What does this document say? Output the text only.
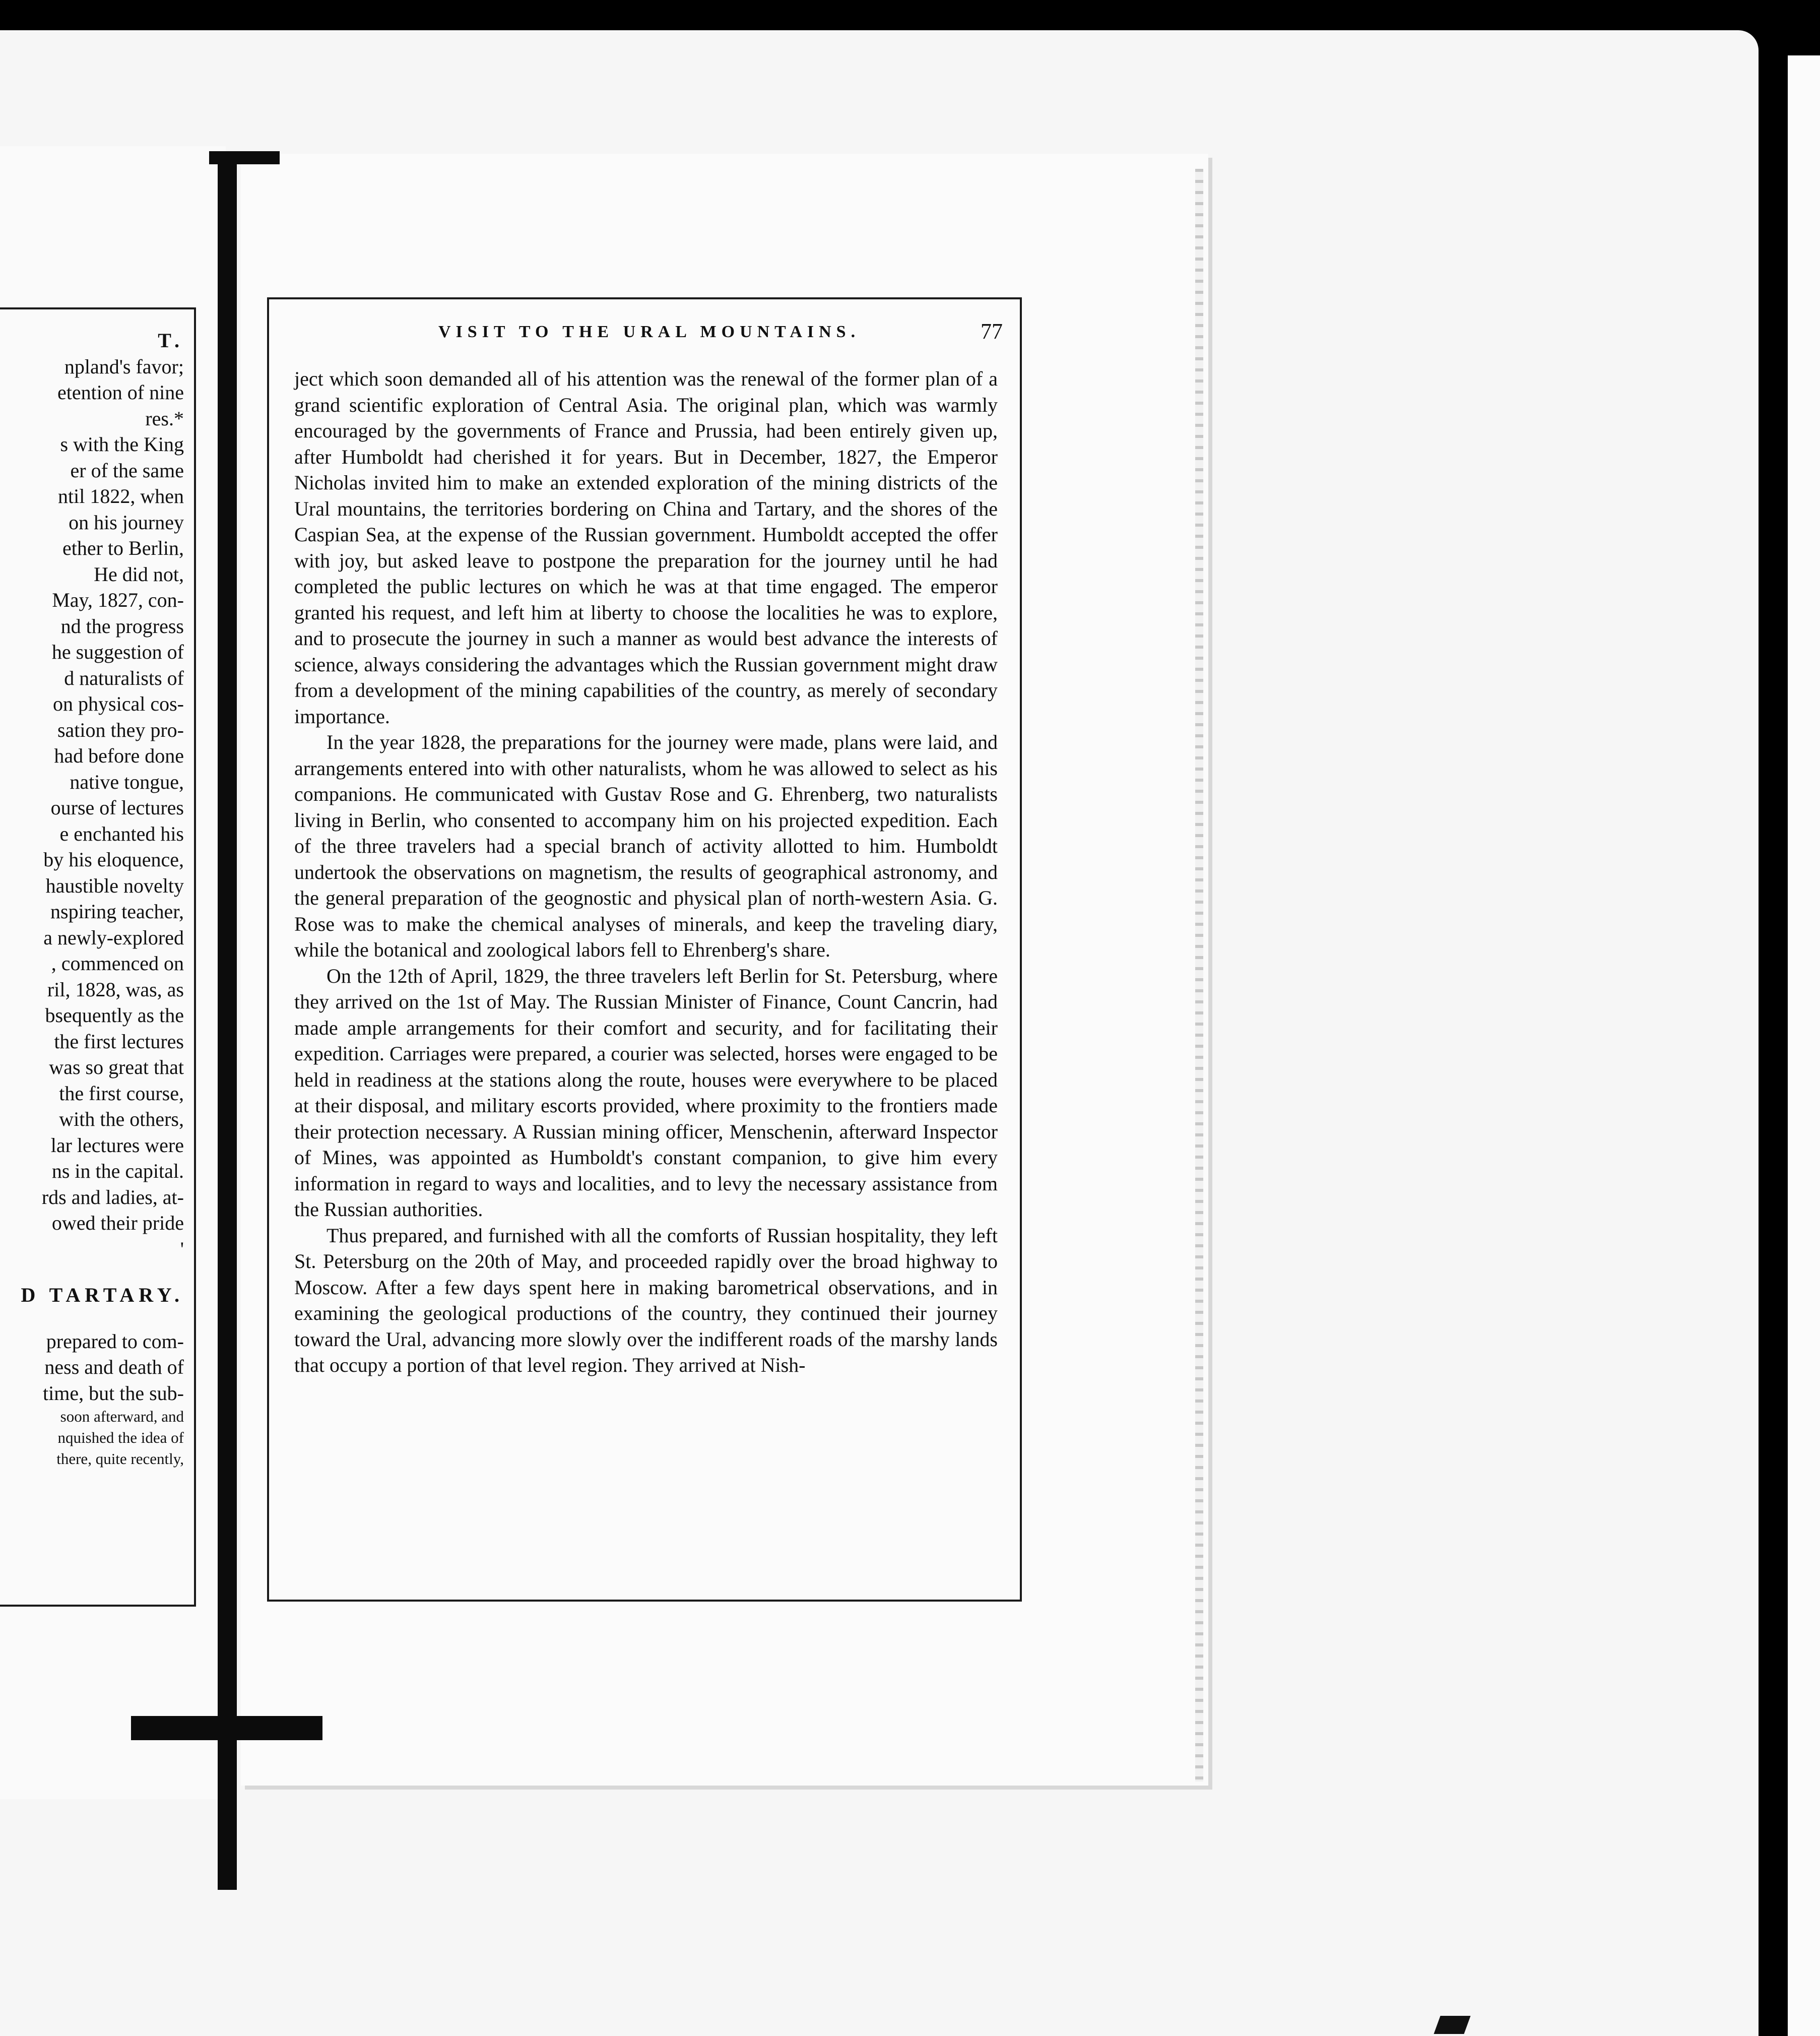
T.
npland's favor;
etention of nine
res.*
s with the King
er of the same
ntil 1822, when
on his journey
ether to Berlin,
He did not,
May, 1827, con-
nd the progress
he suggestion of
d naturalists of
on physical cos-
sation they pro-
had before done
native tongue,
ourse of lectures
e enchanted his
by his eloquence,
haustible novelty
nspiring teacher,
a newly-explored
, commenced on
ril, 1828, was, as
bsequently as the
the first lectures
was so great that
the first course,
with the others,
lar lectures were
ns in the capital.
rds and ladies, at-
owed their pride
'
D TARTARY.
prepared to com-
ness and death of
time, but the sub-
soon afterward, and
nquished the idea of
there, quite recently,
VISIT TO THE URAL MOUNTAINS.	77

ject which soon demanded all of his attention was the renewal of the former plan of a grand scientific exploration of Central Asia. The original plan, which was warmly encouraged by the governments of France and Prussia, had been entirely given up, after Humboldt had cherished it for years. But in December, 1827, the Emperor Nicholas invited him to make an extended exploration of the mining districts of the Ural mountains, the territories bordering on China and Tartary, and the shores of the Caspian Sea, at the expense of the Russian government. Humboldt accepted the offer with joy, but asked leave to postpone the preparation for the journey until he had completed the public lectures on which he was at that time engaged. The emperor granted his request, and left him at liberty to choose the localities he was to explore, and to prosecute the journey in such a manner as would best advance the interests of science, always considering the advantages which the Russian government might draw from a development of the mining capabilities of the country, as merely of secondary importance.

In the year 1828, the preparations for the journey were made, plans were laid, and arrangements entered into with other naturalists, whom he was allowed to select as his companions. He communicated with Gustav Rose and G. Ehrenberg, two naturalists living in Berlin, who consented to accompany him on his projected expedition. Each of the three travelers had a special branch of activity allotted to him. Humboldt undertook the observations on magnetism, the results of geographical astronomy, and the general preparation of the geognostic and physical plan of north-western Asia. G. Rose was to make the chemical analyses of minerals, and keep the traveling diary, while the botanical and zoological labors fell to Ehrenberg's share.

On the 12th of April, 1829, the three travelers left Berlin for St. Petersburg, where they arrived on the 1st of May. The Russian Minister of Finance, Count Cancrin, had made ample arrangements for their comfort and security, and for facilitating their expedition. Carriages were prepared, a courier was selected, horses were engaged to be held in readiness at the stations along the route, houses were everywhere to be placed at their disposal, and military escorts provided, where proximity to the frontiers made their protection necessary. A Russian mining officer, Menschenin, afterward Inspector of Mines, was appointed as Humboldt's constant companion, to give him every information in regard to ways and localities, and to levy the necessary assistance from the Russian authorities.

Thus prepared, and furnished with all the comforts of Russian hospitality, they left St. Petersburg on the 20th of May, and proceeded rapidly over the broad highway to Moscow. After a few days spent here in making barometrical observations, and in examining the geological productions of the country, they continued their journey toward the Ural, advancing more slowly over the indifferent roads of the marshy lands that occupy a portion of that level region. They arrived at Nish-
